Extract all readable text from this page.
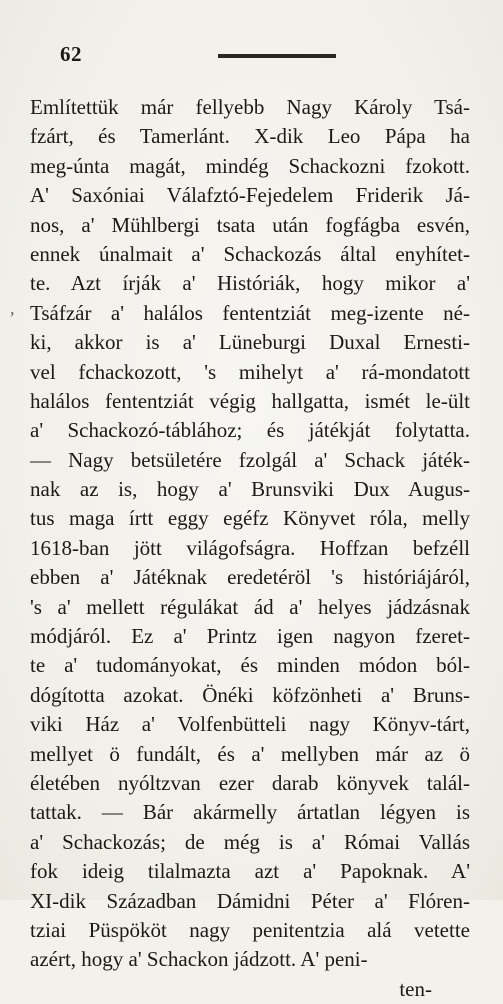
62
,
Említettük már fellyebb Nagy Károly Tsá-
fzárt, és Tamerlánt. X-dik Leo Pápa ha
meg-únta magát, mindég Schackozni fzokott.
A' Saxóniai Válafztó-Fejedelem Friderik Já-
nos, a' Mühlbergi tsata után fogfágba esvén,
ennek únalmait a' Schackozás által enyhítet-
te. Azt írják a' Históriák, hogy mikor a'
Tsáfzár a' halálos fententziát meg-izente né-
ki, akkor is a' Lüneburgi Duxal Ernesti-
vel fchackozott, 's mihelyt a' rá-mondatott
halálos fententziát végig hallgatta, ismét le-ült
a' Schackozó-táblához; és játékját folytatta.
— Nagy betsületére fzolgál a' Schack játék-
nak az is, hogy a' Brunsviki Dux Augus-
tus maga írtt eggy egéfz Könyvet róla, melly
1618-ban jött világofságra. Hoffzan befzéll
ebben a' Játéknak eredetéröl 's históriájáról,
's a' mellett régulákat ád a' helyes jádzásnak
módjáról. Ez a' Printz igen nagyon fzeret-
te a' tudományokat, és minden módon ból-
dógította azokat. Önéki köfzönheti a' Bruns-
viki Ház a' Volfenbütteli nagy Könyv-tárt,
mellyet ö fundált, és a' mellyben már az ö
életében nyóltzvan ezer darab könyvek talál-
tattak. — Bár akármelly ártatlan légyen is
a' Schackozás; de még is a' Római Vallás
fok ideig tilalmazta azt a' Papoknak. A'
XI-dik Században Dámidni Péter a' Flóren-
tziai Püspököt nagy penitentzia alá vetette
azért, hogy a' Schackon jádzott. A' peni-
ten-
